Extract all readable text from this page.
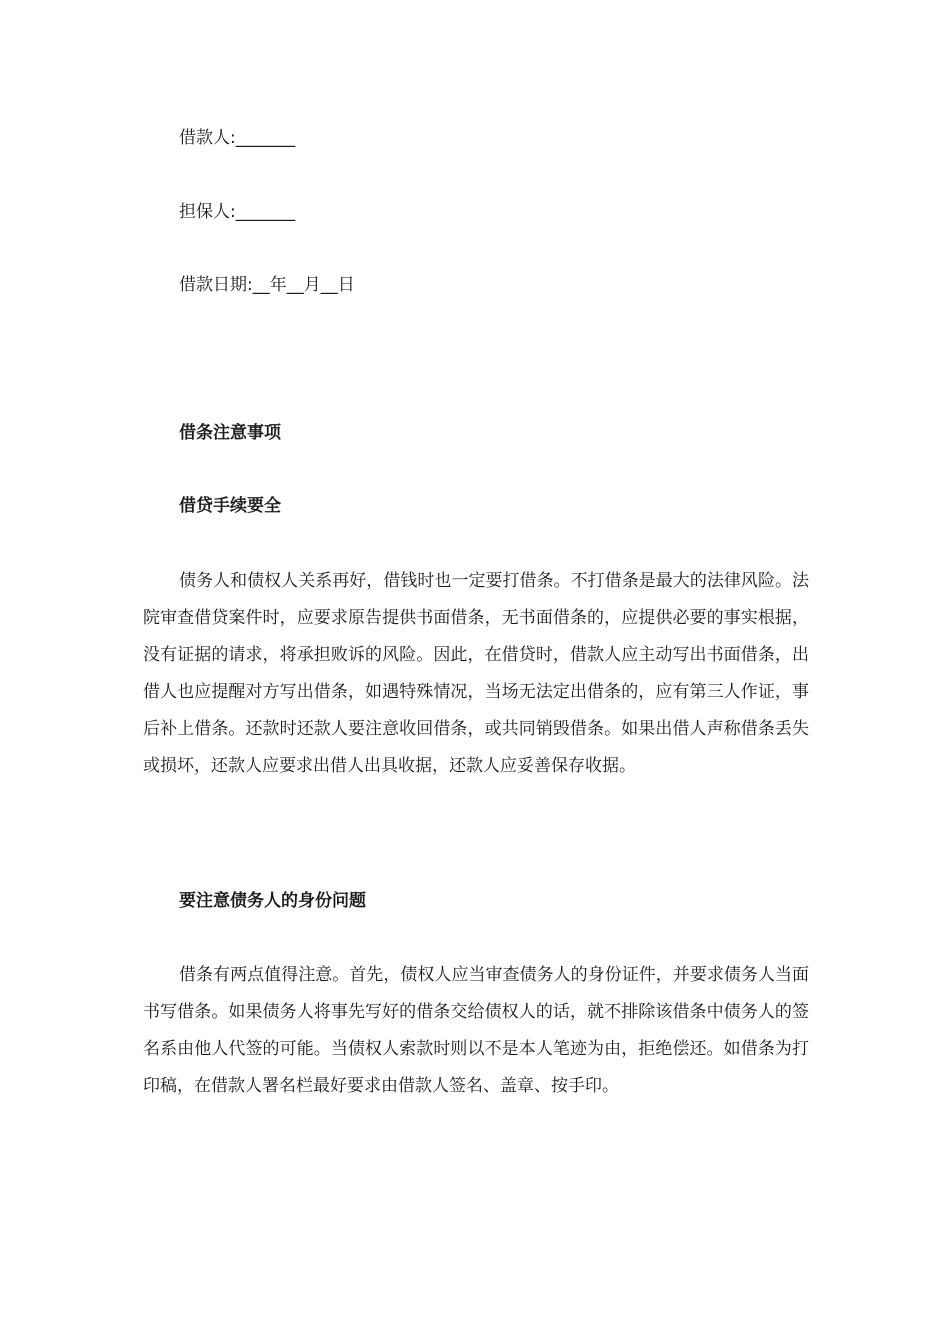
借款人:_______
担保人:_______
借款日期:__年__月__日
借条注意事项
借贷手续要全

债务人和债权人关系再好，借钱时也一定要打借条。不打借条是最大的法律风险。法院审查借贷案件时，应要求原告提供书面借条，无书面借条的，应提供必要的事实根据，没有证据的请求，将承担败诉的风险。因此，在借贷时，借款人应主动写出书面借条，出借人也应提醒对方写出借条，如遇特殊情况，当场无法定出借条的，应有第三人作证，事后补上借条。还款时还款人要注意收回借条，或共同销毁借条。如果出借人声称借条丢失或损坏，还款人应要求出借人出具收据，还款人应妥善保存收据。

要注意债务人的身份问题

借条有两点值得注意。首先，债权人应当审查债务人的身份证件，并要求债务人当面书写借条。如果债务人将事先写好的借条交给债权人的话，就不排除该借条中债务人的签名系由他人代签的可能。当债权人索款时则以不是本人笔迹为由，拒绝偿还。如借条为打印稿，在借款人署名栏最好要求由借款人签名、盖章、按手印。
